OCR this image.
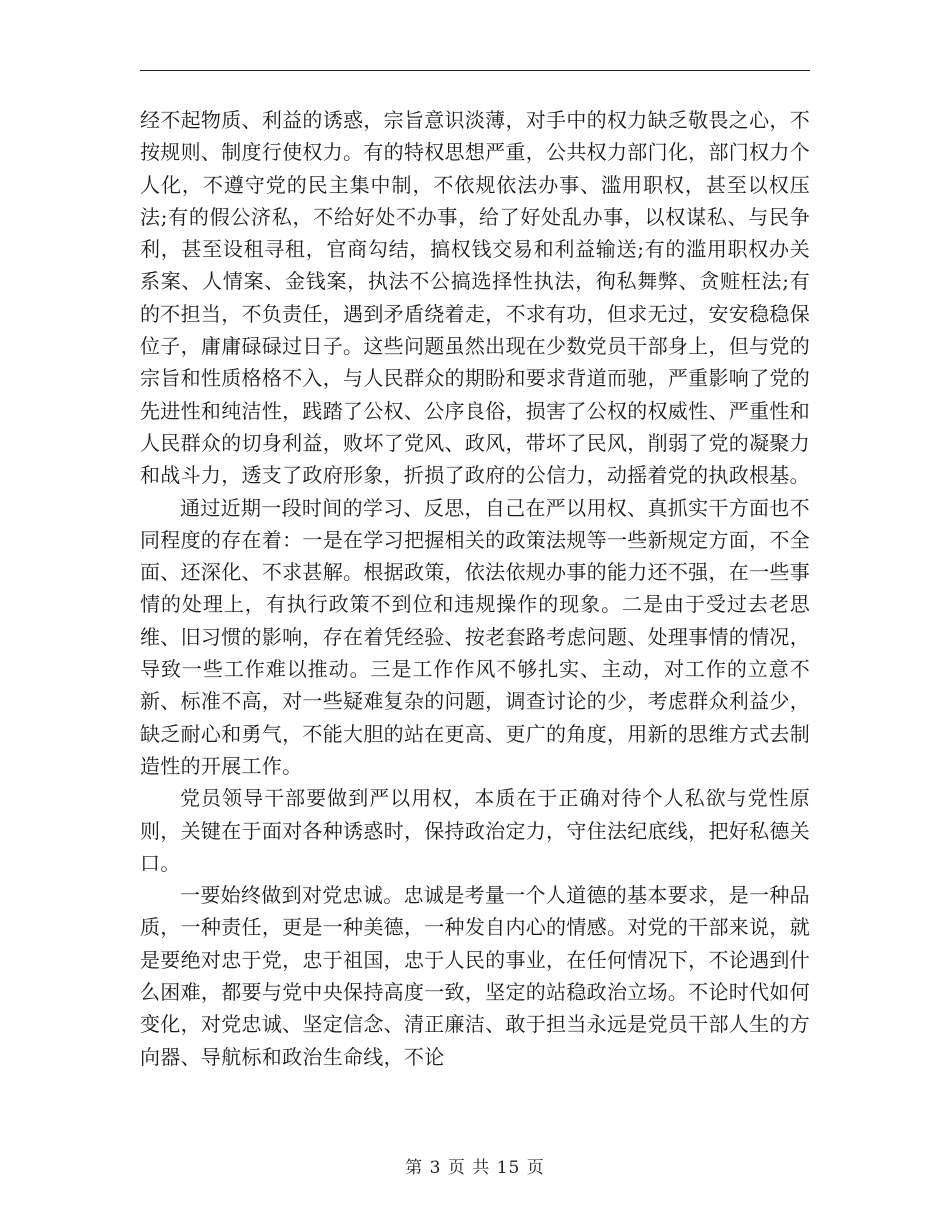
经不起物质、利益的诱惑，宗旨意识淡薄，对手中的权力缺乏敬畏之心，不按规则、制度行使权力。有的特权思想严重，公共权力部门化，部门权力个人化，不遵守党的民主集中制，不依规依法办事、滥用职权，甚至以权压法;有的假公济私，不给好处不办事，给了好处乱办事，以权谋私、与民争利，甚至设租寻租，官商勾结，搞权钱交易和利益输送;有的滥用职权办关系案、人情案、金钱案，执法不公搞选择性执法，徇私舞弊、贪赃枉法;有的不担当，不负责任，遇到矛盾绕着走，不求有功，但求无过，安安稳稳保位子，庸庸碌碌过日子。这些问题虽然出现在少数党员干部身上，但与党的宗旨和性质格格不入，与人民群众的期盼和要求背道而驰，严重影响了党的先进性和纯洁性，践踏了公权、公序良俗，损害了公权的权威性、严重性和人民群众的切身利益，败坏了党风、政风，带坏了民风，削弱了党的凝聚力和战斗力，透支了政府形象，折损了政府的公信力，动摇着党的执政根基。

通过近期一段时间的学习、反思，自己在严以用权、真抓实干方面也不同程度的存在着：一是在学习把握相关的政策法规等一些新规定方面，不全面、还深化、不求甚解。根据政策，依法依规办事的能力还不强，在一些事情的处理上，有执行政策不到位和违规操作的现象。二是由于受过去老思维、旧习惯的影响，存在着凭经验、按老套路考虑问题、处理事情的情况，导致一些工作难以推动。三是工作作风不够扎实、主动，对工作的立意不新、标准不高，对一些疑难复杂的问题，调查讨论的少，考虑群众利益少，缺乏耐心和勇气，不能大胆的站在更高、更广的角度，用新的思维方式去制造性的开展工作。

党员领导干部要做到严以用权，本质在于正确对待个人私欲与党性原则，关键在于面对各种诱惑时，保持政治定力，守住法纪底线，把好私德关口。

一要始终做到对党忠诚。忠诚是考量一个人道德的基本要求，是一种品质，一种责任，更是一种美德，一种发自内心的情感。对党的干部来说，就是要绝对忠于党，忠于祖国，忠于人民的事业，在任何情况下，不论遇到什么困难，都要与党中央保持高度一致，坚定的站稳政治立场。不论时代如何变化，对党忠诚、坚定信念、清正廉洁、敢于担当永远是党员干部人生的方向器、导航标和政治生命线，不论

第 3 页 共 15 页
